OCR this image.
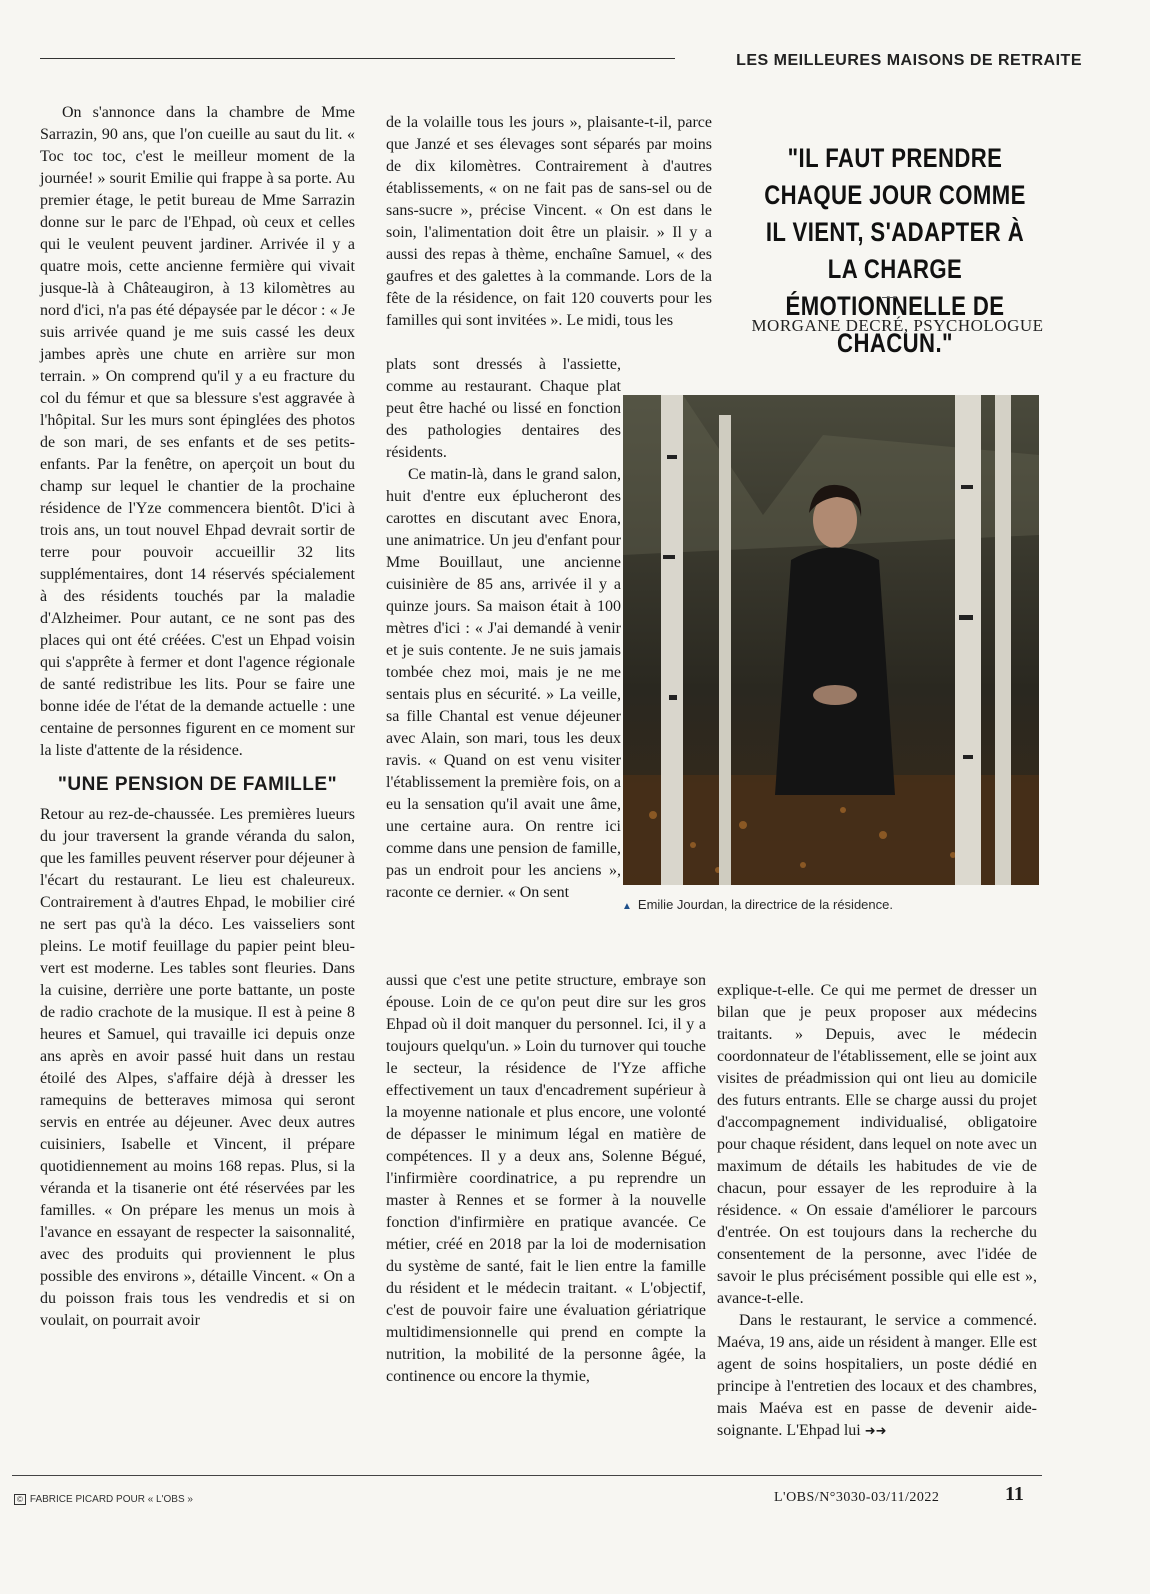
LES MEILLEURES MAISONS DE RETRAITE

On s'annonce dans la chambre de Mme Sarrazin, 90 ans, que l'on cueille au saut du lit. « Toc toc toc, c'est le meilleur moment de la journée! » sourit Emilie qui frappe à sa porte. Au premier étage, le petit bureau de Mme Sarrazin donne sur le parc de l'Ehpad, où ceux et celles qui le veulent peuvent jardiner. Arrivée il y a quatre mois, cette ancienne fermière qui vivait jusque-là à Châteaugiron, à 13 kilomètres au nord d'ici, n'a pas été dépaysée par le décor : « Je suis arrivée quand je me suis cassé les deux jambes après une chute en arrière sur mon terrain. » On comprend qu'il y a eu fracture du col du fémur et que sa blessure s'est aggravée à l'hôpital. Sur les murs sont épinglées des photos de son mari, de ses enfants et de ses petits-enfants. Par la fenêtre, on aperçoit un bout du champ sur lequel le chantier de la prochaine résidence de l'Yze commencera bientôt. D'ici à trois ans, un tout nouvel Ehpad devrait sortir de terre pour pouvoir accueillir 32 lits supplémentaires, dont 14 réservés spécialement à des résidents touchés par la maladie d'Alzheimer. Pour autant, ce ne sont pas des places qui ont été créées. C'est un Ehpad voisin qui s'apprête à fermer et dont l'agence régionale de santé redistribue les lits. Pour se faire une bonne idée de l'état de la demande actuelle : une centaine de personnes figurent en ce moment sur la liste d'attente de la résidence.

"UNE PENSION DE FAMILLE"

Retour au rez-de-chaussée. Les premières lueurs du jour traversent la grande véranda du salon, que les familles peuvent réserver pour déjeuner à l'écart du restaurant. Le lieu est chaleureux. Contrairement à d'autres Ehpad, le mobilier ciré ne sert pas qu'à la déco. Les vaisseliers sont pleins. Le motif feuillage du papier peint bleu-vert est moderne. Les tables sont fleuries. Dans la cuisine, derrière une porte battante, un poste de radio crachote de la musique. Il est à peine 8 heures et Samuel, qui travaille ici depuis onze ans après en avoir passé huit dans un restau étoilé des Alpes, s'affaire déjà à dresser les ramequins de betteraves mimosa qui seront servis en entrée au déjeuner. Avec deux autres cuisiniers, Isabelle et Vincent, il prépare quotidiennement au moins 168 repas. Plus, si la véranda et la tisanerie ont été réservées par les familles. « On prépare les menus un mois à l'avance en essayant de respecter la saisonnalité, avec des produits qui proviennent le plus possible des environs », détaille Vincent. « On a du poisson frais tous les vendredis et si on voulait, on pourrait avoir

de la volaille tous les jours », plaisante-t-il, parce que Janzé et ses élevages sont séparés par moins de dix kilomètres. Contrairement à d'autres établissements, « on ne fait pas de sans-sel ou de sans-sucre », précise Vincent. « On est dans le soin, l'alimentation doit être un plaisir. » Il y a aussi des repas à thème, enchaîne Samuel, « des gaufres et des galettes à la commande. Lors de la fête de la résidence, on fait 120 couverts pour les familles qui sont invitées ». Le midi, tous les

plats sont dressés à l'assiette, comme au restaurant. Chaque plat peut être haché ou lissé en fonction des pathologies dentaires des résidents.

Ce matin-là, dans le grand salon, huit d'entre eux éplucheront des carottes en discutant avec Enora, une animatrice. Un jeu d'enfant pour Mme Bouillaut, une ancienne cuisinière de 85 ans, arrivée il y a quinze jours. Sa maison était à 100 mètres d'ici : « J'ai demandé à venir et je suis contente. Je ne suis jamais tombée chez moi, mais je ne me sentais plus en sécurité. » La veille, sa fille Chantal est venue déjeuner avec Alain, son mari, tous les deux ravis. « Quand on est venu visiter l'établissement la première fois, on a eu la sensation qu'il avait une âme, une certaine aura. On rentre ici comme dans une pension de famille, pas un endroit pour les anciens », raconte ce dernier. « On sent

aussi que c'est une petite structure, embraye son épouse. Loin de ce qu'on peut dire sur les gros Ehpad où il doit manquer du personnel. Ici, il y a toujours quelqu'un. » Loin du turnover qui touche le secteur, la résidence de l'Yze affiche effectivement un taux d'encadrement supérieur à la moyenne nationale et plus encore, une volonté de dépasser le minimum légal en matière de compétences. Il y a deux ans, Solenne Bégué, l'infirmière coordinatrice, a pu reprendre un master à Rennes et se former à la nouvelle fonction d'infirmière en pratique avancée. Ce métier, créé en 2018 par la loi de modernisation du système de santé, fait le lien entre la famille du résident et le médecin traitant. « L'objectif, c'est de pouvoir faire une évaluation gériatrique multidimensionnelle qui prend en compte la nutrition, la mobilité de la personne âgée, la continence ou encore la thymie,

explique-t-elle. Ce qui me permet de dresser un bilan que je peux proposer aux médecins traitants. » Depuis, avec le médecin coordonnateur de l'établissement, elle se joint aux visites de préadmission qui ont lieu au domicile des futurs entrants. Elle se charge aussi du projet d'accompagnement individualisé, obligatoire pour chaque résident, dans lequel on note avec un maximum de détails les habitudes de vie de chacun, pour essayer de les reproduire à la résidence. « On essaie d'améliorer le parcours d'entrée. On est toujours dans la recherche du consentement de la personne, avec l'idée de savoir le plus précisément possible qui elle est », avance-t-elle.

Dans le restaurant, le service a commencé. Maéva, 19 ans, aide un résident à manger. Elle est agent de soins hospitaliers, un poste dédié en principe à l'entretien des locaux et des chambres, mais Maéva est en passe de devenir aide-soignante. L'Ehpad lui ➜➜

"IL FAUT PRENDRE CHAQUE JOUR COMME IL VIENT, S'ADAPTER À LA CHARGE ÉMOTIONNELLE DE CHACUN."
MORGANE DECRÉ, PSYCHOLOGUE
▲ Emilie Jourdan, la directrice de la résidence.
© FABRICE PICARD POUR « L'OBS »	L'OBS/N°3030-03/11/2022	11
